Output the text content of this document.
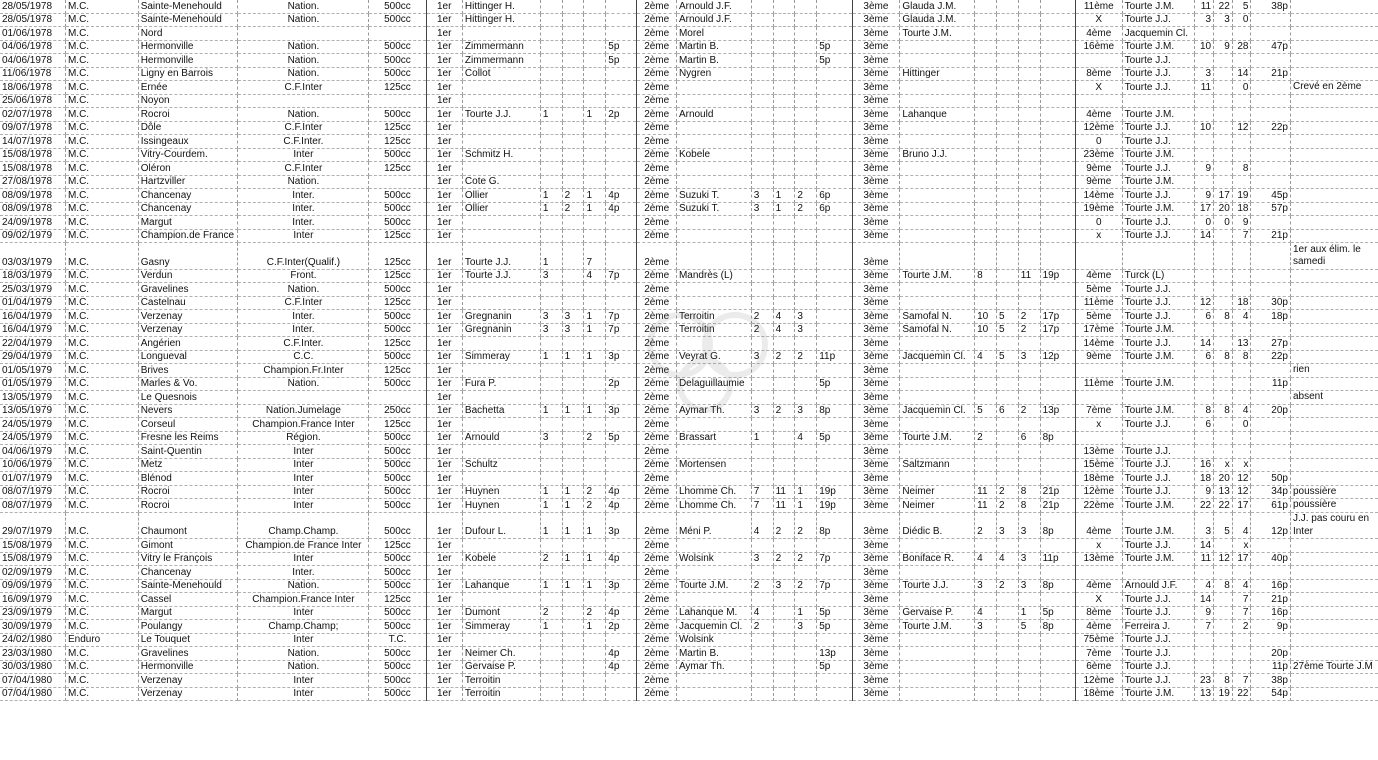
28/05/1978	M.C.	Sainte-Menehould	Nation.	500cc	1er	Hittinger H.					2ème	Arnould J.F.					3ème	Glauda J.M.					11ème	Tourte J.M.	11	22	5	38p	
28/05/1978	M.C.	Sainte-Menehould	Nation.	500cc	1er	Hittinger H.					2ème	Arnould J.F.					3ème	Glauda J.M.					X	Tourte J.J.	3	3	0		
01/06/1978	M.C.	Nord			1er						2ème	Morel					3ème	Tourte J.M.					4ème	Jacquemin Cl.					
04/06/1978	M.C.	Hermonville	Nation.	500cc	1er	Zimmermann				5p	2ème	Martin B.				5p	3ème						16ème	Tourte J.M.	10	9	28	47p	
04/06/1978	M.C.	Hermonville	Nation.	500cc	1er	Zimmermann				5p	2ème	Martin B.				5p	3ème							Tourte J.J.					
11/06/1978	M.C.	Ligny en Barrois	Nation.	500cc	1er	Collot					2ème	Nygren					3ème	Hittinger					8ème	Tourte J.J.	3		14	21p	
18/06/1978	M.C.	Ernée	C.F.Inter	125cc	1er						2ème						3ème						X	Tourte J.J.	11		0		Crevé en 2ème
25/06/1978	M.C.	Noyon			1er						2ème						3ème												
02/07/1978	M.C.	Rocroi	Nation.	500cc	1er	Tourte J.J.	1		1	2p	2ème	Arnould					3ème	Lahanque					4ème	Tourte J.M.					
09/07/1978	M.C.	Dôle	C.F.Inter	125cc	1er						2ème						3ème						12ème	Tourte J.J.	10		12	22p	
14/07/1978	M.C.	Issingeaux	C.F.Inter.	125cc	1er						2ème						3ème						0	Tourte J.J.					
15/08/1978	M.C.	Vitry-Courdem.	Inter	500cc	1er	Schmitz H.					2ème	Kobele					3ème	Bruno J.J.					23ème	Tourte J.M.					
15/08/1978	M.C.	Oléron	C.F.Inter	125cc	1er						2ème						3ème						9ème	Tourte J.J.	9		8		
27/08/1978	M.C.	Hartzviller	Nation.		1er	Cote G.					2ème						3ème						9ème	Tourte J.M.					
08/09/1978	M.C.	Chancenay	Inter.	500cc	1er	Ollier	1	2	1	4p	2ème	Suzuki T.	3	1	2	6p	3ème						14ème	Tourte J.J.	9	17	19	45p	
08/09/1978	M.C.	Chancenay	Inter.	500cc	1er	Ollier	1	2	1	4p	2ème	Suzuki T.	3	1	2	6p	3ème						19ème	Tourte J.M.	17	20	18	57p	
24/09/1978	M.C.	Margut	Inter.	500cc	1er						2ème						3ème						0	Tourte J.J.	0	0	9		
09/02/1979	M.C.	Champion.de France	Inter	125cc	1er						2ème						3ème						x	Tourte J.J.	14		7	21p	
03/03/1979	M.C.	Gasny	C.F.Inter(Qualif.)	125cc	1er	Tourte J.J.	1		7		2ème						3ème												1er aux élim. le samedi
18/03/1979	M.C.	Verdun	Front.	125cc	1er	Tourte J.J.	3		4	7p	2ème	Mandrès (L)					3ème	Tourte J.M.	8		11	19p	4ème	Turck (L)					
25/03/1979	M.C.	Gravelines	Nation.	500cc	1er						2ème						3ème						5ème	Tourte J.J.					
01/04/1979	M.C.	Castelnau	C.F.Inter	125cc	1er						2ème						3ème						11ème	Tourte J.J.	12		18	30p	
16/04/1979	M.C.	Verzenay	Inter.	500cc	1er	Gregnanin	3	3	1	7p	2ème	Terroitin	2	4	3		3ème	Samofal N.	10	5	2	17p	5ème	Tourte J.J.	6	8	4	18p	
16/04/1979	M.C.	Verzenay	Inter.	500cc	1er	Gregnanin	3	3	1	7p	2ème	Terroitin	2	4	3		3ème	Samofal N.	10	5	2	17p	17ème	Tourte J.M.					
22/04/1979	M.C.	Angérien	C.F.Inter.	125cc	1er						2ème						3ème						14ème	Tourte J.J.	14		13	27p	
29/04/1979	M.C.	Longueval	C.C.	500cc	1er	Simmeray	1	1	1	3p	2ème	Veyrat G.	3	2	2	11p	3ème	Jacquemin Cl.	4	5	3	12p	9ème	Tourte J.M.	6	8	8	22p	
01/05/1979	M.C.	Brives	Champion.Fr.Inter	125cc	1er						2ème						3ème												rien
01/05/1979	M.C.	Marles & Vo.	Nation.	500cc	1er	Fura P.				2p	2ème	Delaguillaumie				5p	3ème						11ème	Tourte J.M.				11p	
13/05/1979	M.C.	Le Quesnois			1er						2ème						3ème												absent
13/05/1979	M.C.	Nevers	Nation.Jumelage	250cc	1er	Bachetta	1	1	1	3p	2ème	Aymar Th.	3	2	3	8p	3ème	Jacquemin Cl.	5	6	2	13p	7ème	Tourte J.M.	8	8	4	20p	
24/05/1979	M.C.	Corseul	Champion.France Inter	125cc	1er						2ème						3ème						x	Tourte J.J.	6		0		
24/05/1979	M.C.	Fresne les Reims	Région.	500cc	1er	Arnould	3		2	5p	2ème	Brassart	1		4	5p	3ème	Tourte J.M.	2		6	8p							
04/06/1979	M.C.	Saint-Quentin	Inter	500cc	1er						2ème						3ème						13ème	Tourte J.J.					
10/06/1979	M.C.	Metz	Inter	500cc	1er	Schultz					2ème	Mortensen					3ème	Saltzmann					15ème	Tourte J.J.	16	x	x		
01/07/1979	M.C.	Blénod	Inter	500cc	1er						2ème						3ème						18ème	Tourte J.J.	18	20	12	50p	
08/07/1979	M.C.	Rocroi	Inter	500cc	1er	Huynen	1	1	2	4p	2ème	Lhomme Ch.	7	11	1	19p	3ème	Neimer	11	2	8	21p	12ème	Tourte J.J.	9	13	12	34p	poussière
08/07/1979	M.C.	Rocroi	Inter	500cc	1er	Huynen	1	1	2	4p	2ème	Lhomme Ch.	7	11	1	19p	3ème	Neimer	11	2	8	21p	22ème	Tourte J.M.	22	22	17	61p	poussière
29/07/1979	M.C.	Chaumont	Champ.Champ.	500cc	1er	Dufour L.	1	1	1	3p	2ème	Méni P.	4	2	2	8p	3ème	Diédic B.	2	3	3	8p	4ème	Tourte J.M.	3	5	4	12p	J.J. pas couru en Inter
15/08/1979	M.C.	Gimont	Champion.de France Inter	125cc	1er						2ème						3ème						x	Tourte J.J.	14		x		
15/08/1979	M.C.	Vitry le François	Inter	500cc	1er	Kobele	2	1	1	4p	2ème	Wolsink	3	2	2	7p	3ème	Boniface R.	4	4	3	11p	13ème	Tourte J.M.	11	12	17	40p	
02/09/1979	M.C.	Chancenay	Inter.	500cc	1er						2ème						3ème												
09/09/1979	M.C.	Sainte-Menehould	Nation.	500cc	1er	Lahanque	1	1	1	3p	2ème	Tourte J.M.	2	3	2	7p	3ème	Tourte J.J.	3	2	3	8p	4ème	Arnould J.F.	4	8	4	16p	
16/09/1979	M.C.	Cassel	Champion.France Inter	125cc	1er						2ème						3ème						X	Tourte J.J.	14		7	21p	
23/09/1979	M.C.	Margut	Inter	500cc	1er	Dumont	2		2	4p	2ème	Lahanque M.	4		1	5p	3ème	Gervaise P.	4		1	5p	8ème	Tourte J.J.	9		7	16p	
30/09/1979	M.C.	Poulangy	Champ.Champ;	500cc	1er	Simmeray	1		1	2p	2ème	Jacquemin Cl.	2		3	5p	3ème	Tourte J.M.	3		5	8p	4ème	Ferreira J.	7		2	9p	
24/02/1980	Enduro	Le Touquet	Inter	T.C.	1er						2ème	Wolsink					3ème						75ème	Tourte J.J.					
23/03/1980	M.C.	Gravelines	Nation.	500cc	1er	Neimer Ch.				4p	2ème	Martin B.				13p	3ème						7ème	Tourte J.J.				20p	
30/03/1980	M.C.	Hermonville	Nation.	500cc	1er	Gervaise P.				4p	2ème	Aymar Th.				5p	3ème						6ème	Tourte J.J.				11p	27ème Tourte J.M
07/04/1980	M.C.	Verzenay	Inter	500cc	1er	Terroitin					2ème						3ème						12ème	Tourte J.J.	23	8	7	38p	
07/04/1980	M.C.	Verzenay	Inter	500cc	1er	Terroitin					2ème						3ème						18ème	Tourte J.M.	13	19	22	54p	
